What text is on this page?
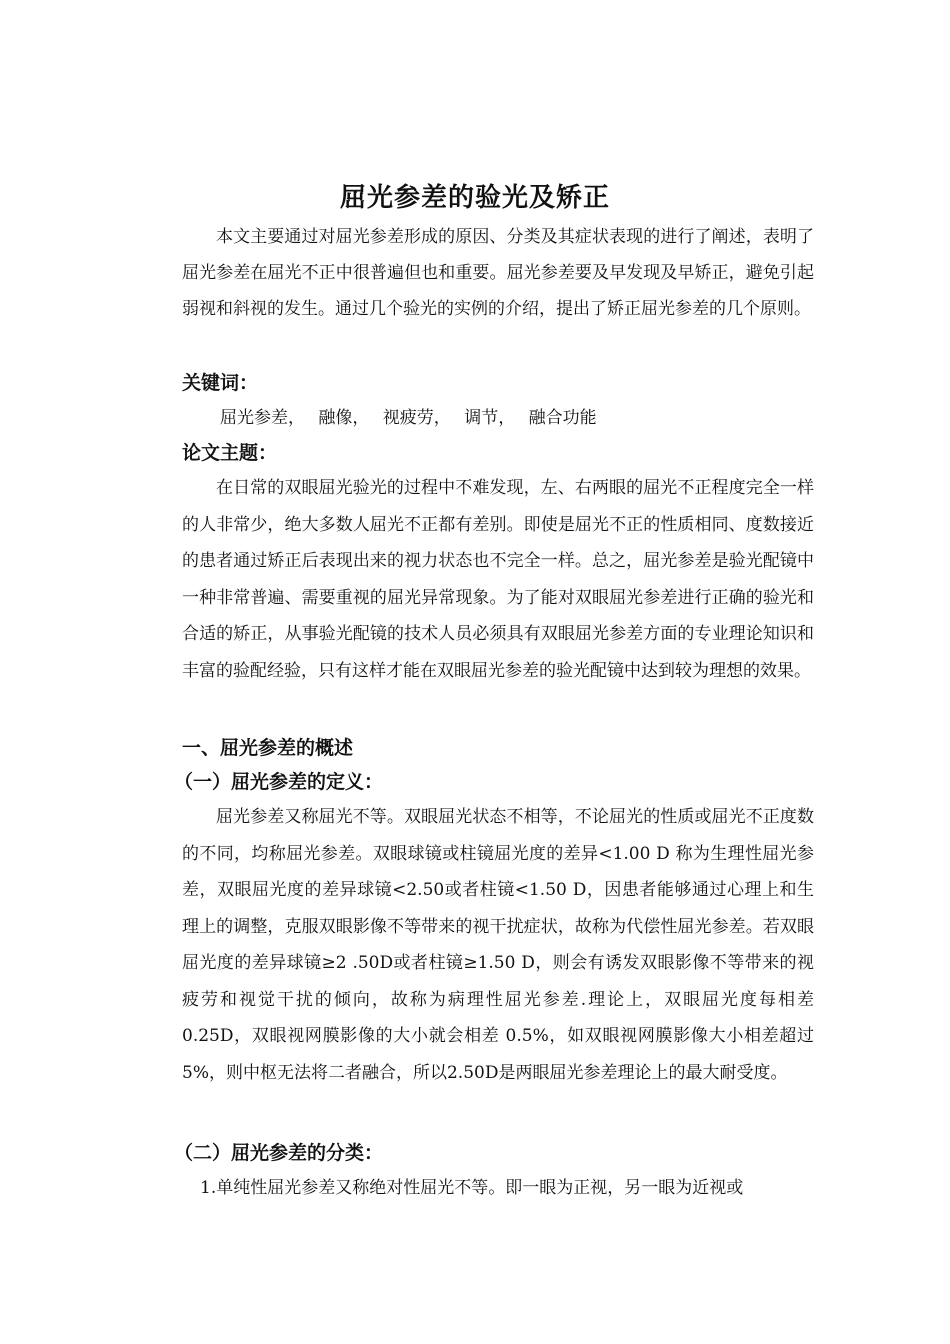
屈光参差的验光及矫正

本文主要通过对屈光参差形成的原因、分类及其症状表现的进行了阐述，表明了屈光参差在屈光不正中很普遍但也和重要。屈光参差要及早发现及早矫正，避免引起弱视和斜视的发生。通过几个验光的实例的介绍，提出了矫正屈光参差的几个原则。

关键词：

屈光参差， 融像， 视疲劳， 调节， 融合功能

论文主题：

在日常的双眼屈光验光的过程中不难发现，左、右两眼的屈光不正程度完全一样的人非常少，绝大多数人屈光不正都有差别。即使是屈光不正的性质相同、度数接近的患者通过矫正后表现出来的视力状态也不完全一样。总之，屈光参差是验光配镜中一种非常普遍、需要重视的屈光异常现象。为了能对双眼屈光参差进行正确的验光和合适的矫正，从事验光配镜的技术人员必须具有双眼屈光参差方面的专业理论知识和丰富的验配经验，只有这样才能在双眼屈光参差的验光配镜中达到较为理想的效果。

一、屈光参差的概述

（一）屈光参差的定义：

屈光参差又称屈光不等。双眼屈光状态不相等，不论屈光的性质或屈光不正度数的不同，均称屈光参差。双眼球镜或柱镜屈光度的差异<1.00 D 称为生理性屈光参差，双眼屈光度的差异球镜<2.50或者柱镜<1.50 D，因患者能够通过心理上和生理上的调整，克服双眼影像不等带来的视干扰症状，故称为代偿性屈光参差。若双眼屈光度的差异球镜≥2 .50D或者柱镜≥1.50 D，则会有诱发双眼影像不等带来的视疲劳和视觉干扰的倾向，故称为病理性屈光参差.理论上，双眼屈光度每相差 0.25D，双眼视网膜影像的大小就会相差 0.5%，如双眼视网膜影像大小相差超过5%，则中枢无法将二者融合，所以2.50D是两眼屈光参差理论上的最大耐受度。

（二）屈光参差的分类：

1.单纯性屈光参差又称绝对性屈光不等。即一眼为正视，另一眼为近视或
